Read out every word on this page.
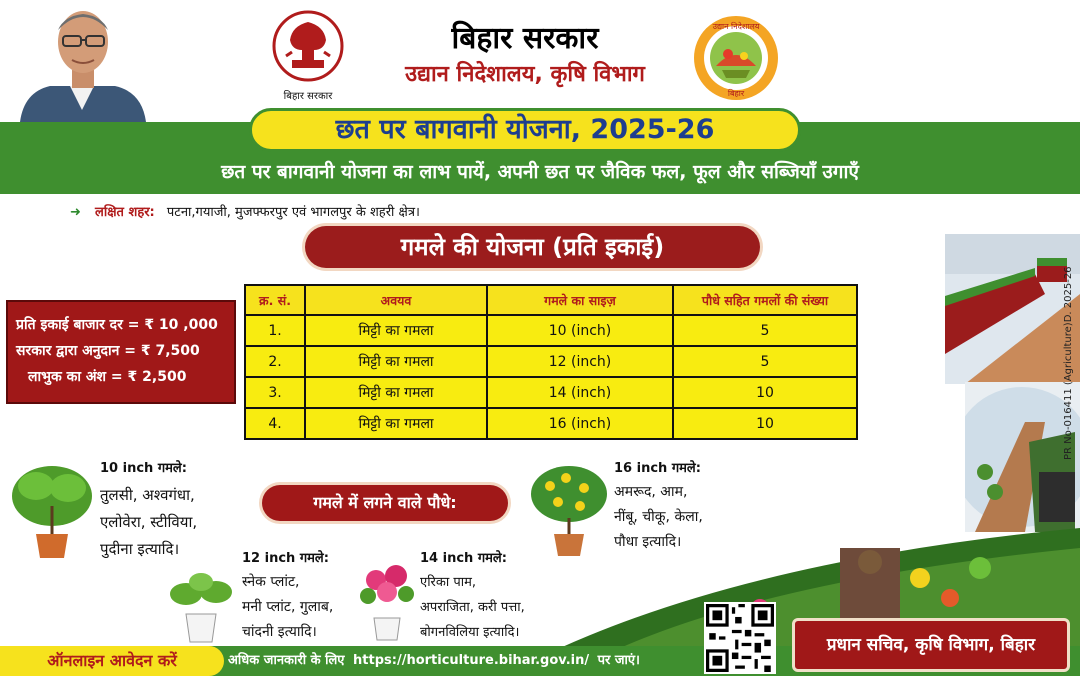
बिहार सरकार
बिहार सरकार
उद्यान निदेशालय, कृषि विभाग
उद्यान निदेशालय
बिहार
छत पर बागवानी योजना, 2025-26
छत पर बागवानी योजना का लाभ पायें, अपनी छत पर जैविक फल, फूल और सब्जियाँ उगाएँ
➜ लक्षित शहर: पटना,गयाजी, मुजफ्फरपुर एवं भागलपुर के शहरी क्षेत्र।
गमले की योजना (प्रति इकाई)
प्रति इकाई बाजार दर = ₹ 10 ,000
सरकार द्वारा अनुदान = ₹ 7,500
लाभुक का अंश = ₹ 2,500
क्र. सं.	अवयव	गमले का साइज़	पौधे सहित गमलों की संख्या
1.	मिट्टी का गमला	10 (inch)	5
2.	मिट्टी का गमला	12 (inch)	5
3.	मिट्टी का गमला	14 (inch)	10
4.	मिट्टी का गमला	16 (inch)	10	PR No-016411 (Agriculture)D. 2025-26
10 inch गमले:
तुलसी, अश्वगंधा,
एलोवेरा, स्टीविया,
पुदीना इत्यादि।
गमले में लगने वाले पौधे:
12 inch गमले:
स्नेक प्लांट,
मनी प्लांट, गुलाब,
चांदनी इत्यादि।
14 inch गमले:
एरिका पाम,
अपराजिता, करी पत्ता,
बोगनविलिया इत्यादि।
16 inch गमले:
अमरूद, आम,
नींबू, चीकू, केला,
पौधा इत्यादि।
ऑनलाइन आवेदन करें	अधिक जानकारी के लिए https://horticulture.bihar.gov.in/ पर जाएं।
प्रधान सचिव, कृषि विभाग, बिहार
